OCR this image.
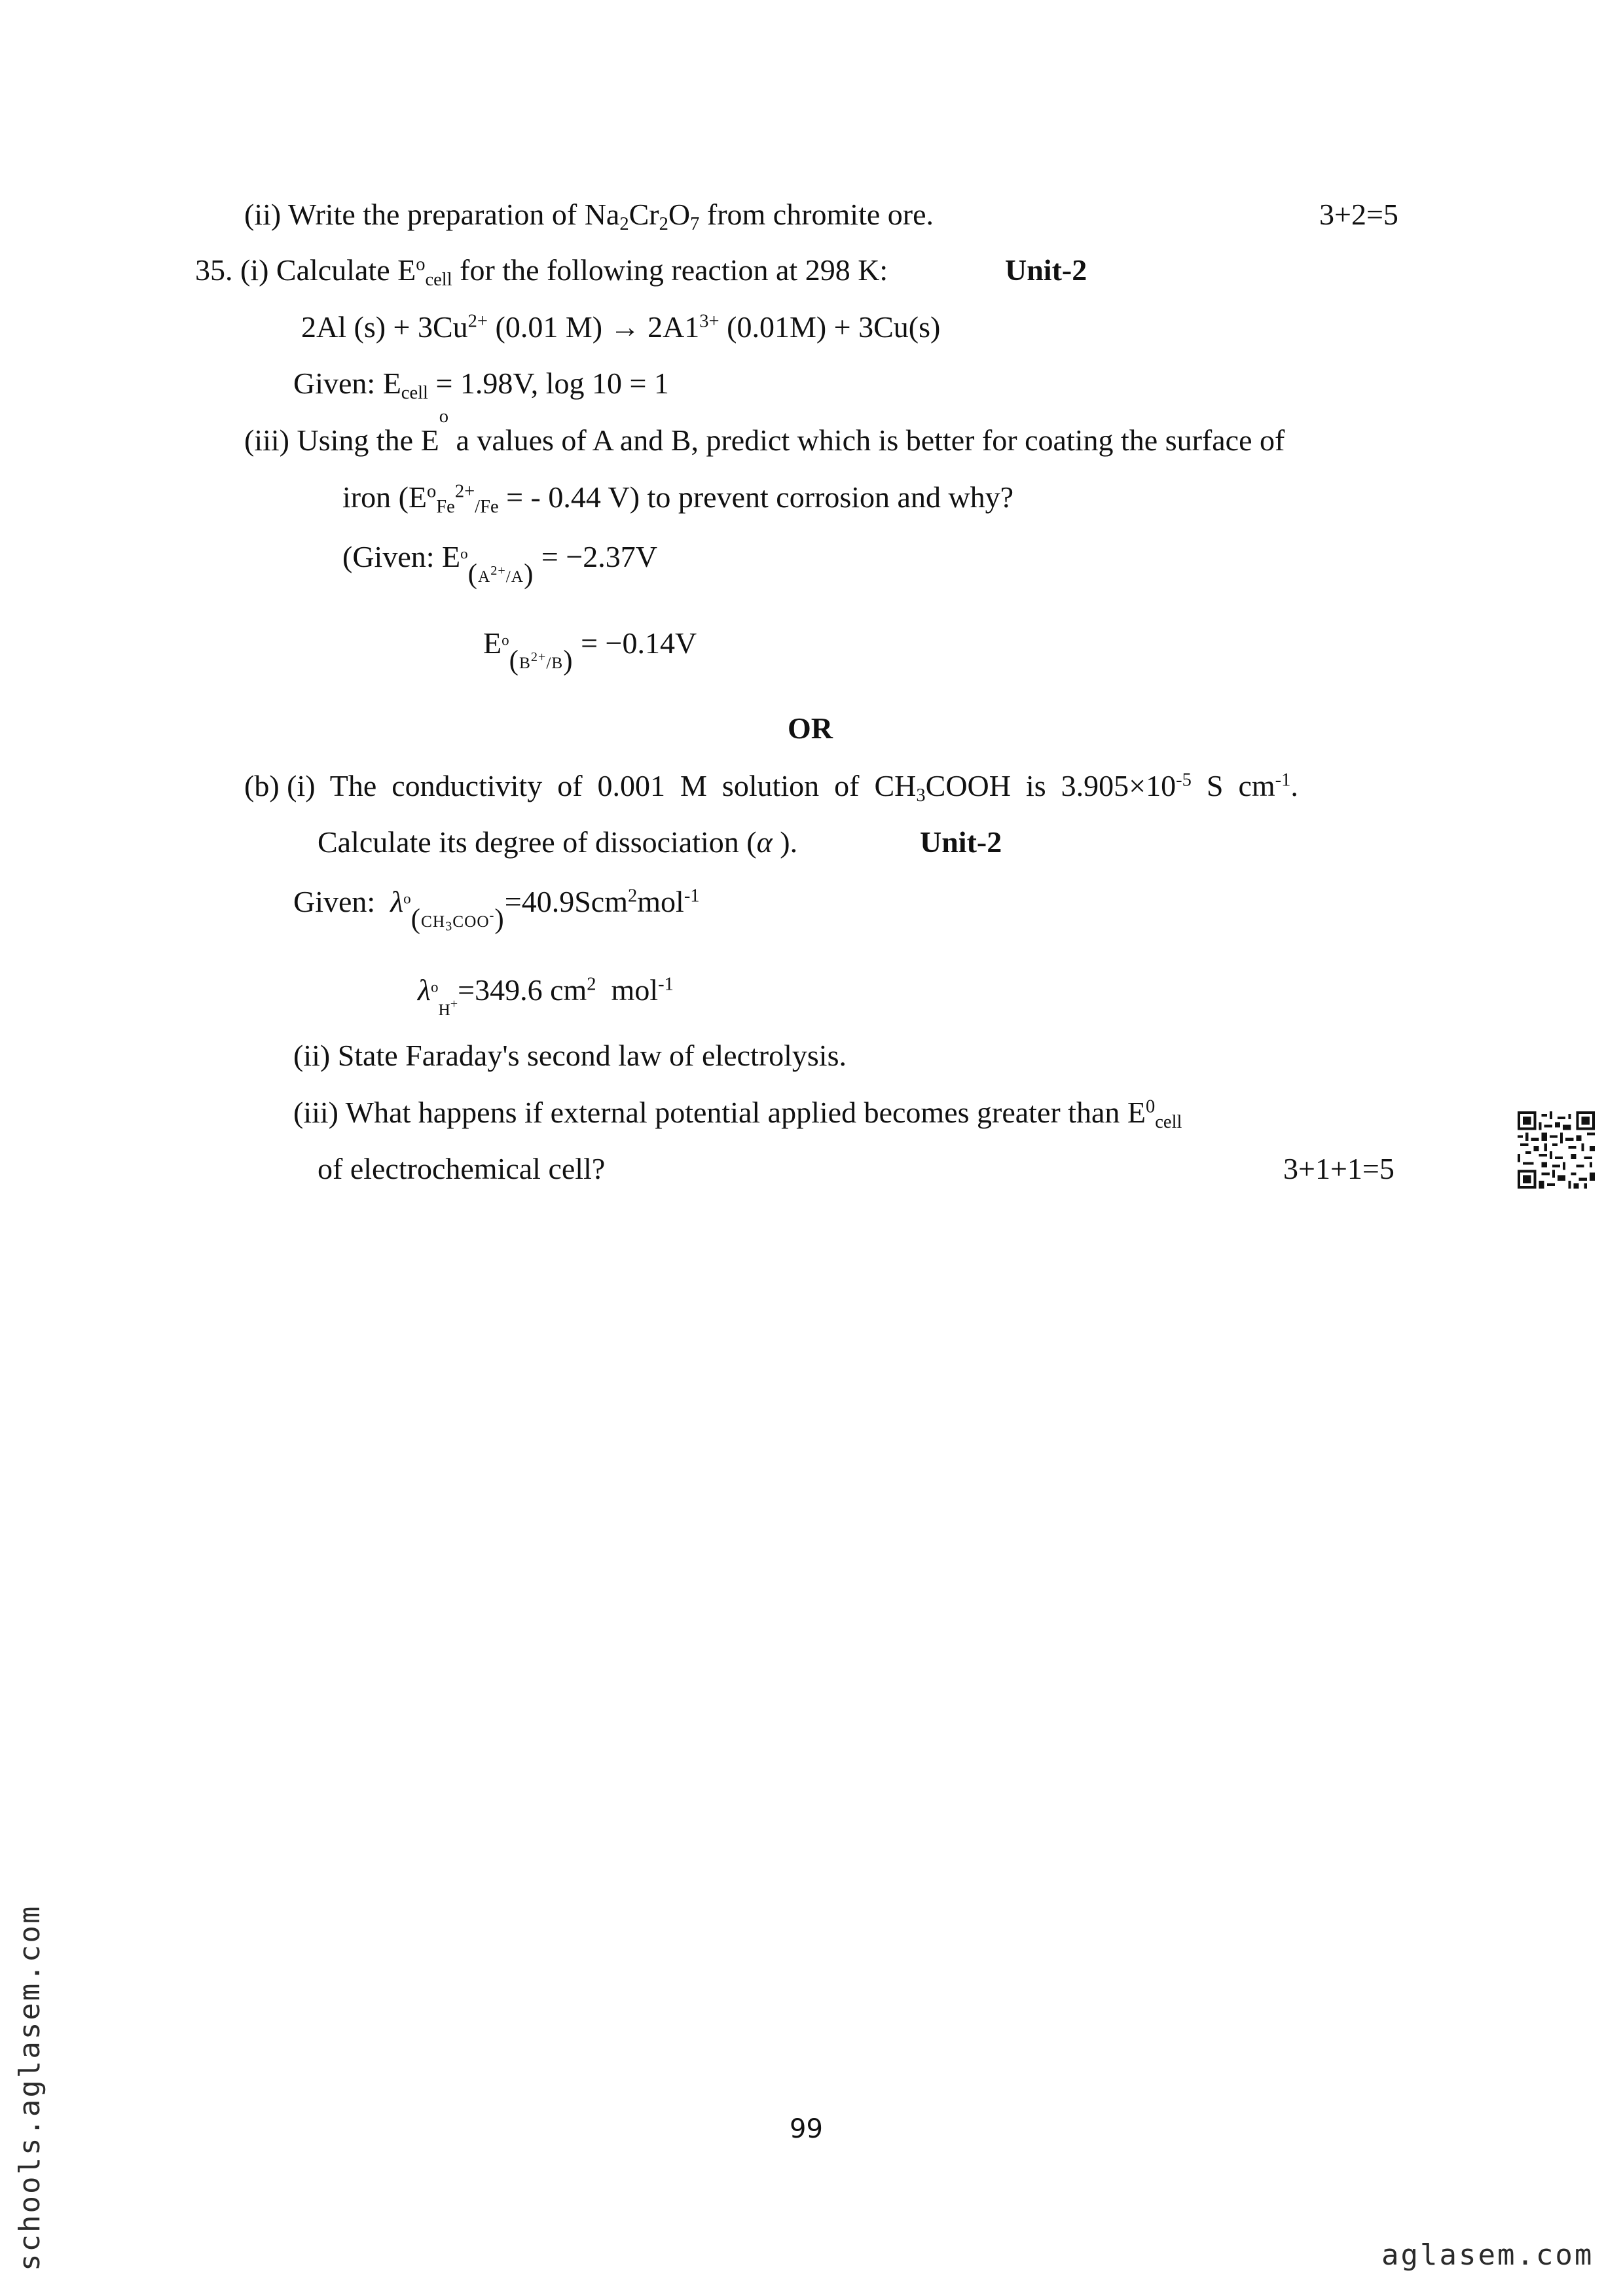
(ii) Write the preparation of $Na_2Cr_2O_7$ from chromite ore.	3+2=5
35. (i) Calculate $E^o_{cell}$ for the following reaction at 298 K:	Unit-2
2Al $(s) + 3Cu^{2+}$ (0.01 $M) \to 2A1^{3+}$ (0.01M) + 3Cu(s)
Given: $E_{cell} = 1.98V$, log 10 = 1
(iii) Using the E
$^o$
a values of A and B, predict which is better for coating the surface of
iron ($E^o_{Fe}^{2+}_{/Fe}$ = - 0.44 V) to prevent corrosion and why?
(Given: $E^o_{(A^{2+}/A)} = -2.37V$
$E^o_{(B^{2+}/B)} = -0.14V$
OR
(b) (i)  The  conductivity  of  0.001  M  solution  of  $CH_3COOH$  is  $3.905\times 10^{-5}$  S  $cm^{-1}$.
Calculate its degree of dissociation (α ).	Unit-2
Given:  $\lambda^o_{(CH_3COO^-)}=40.9Scm^2mol^{-1}$
$\lambda^o_{H^+}=349.6$ $cm^2$  mol$^{-1}$
(ii) State Faraday's second law of electrolysis.
(iii) What happens if external potential applied becomes greater than $E^0_{cell}$
of electrochemical cell?	3+1+1=5
99
schools.aglasem.com	aglasem.com
